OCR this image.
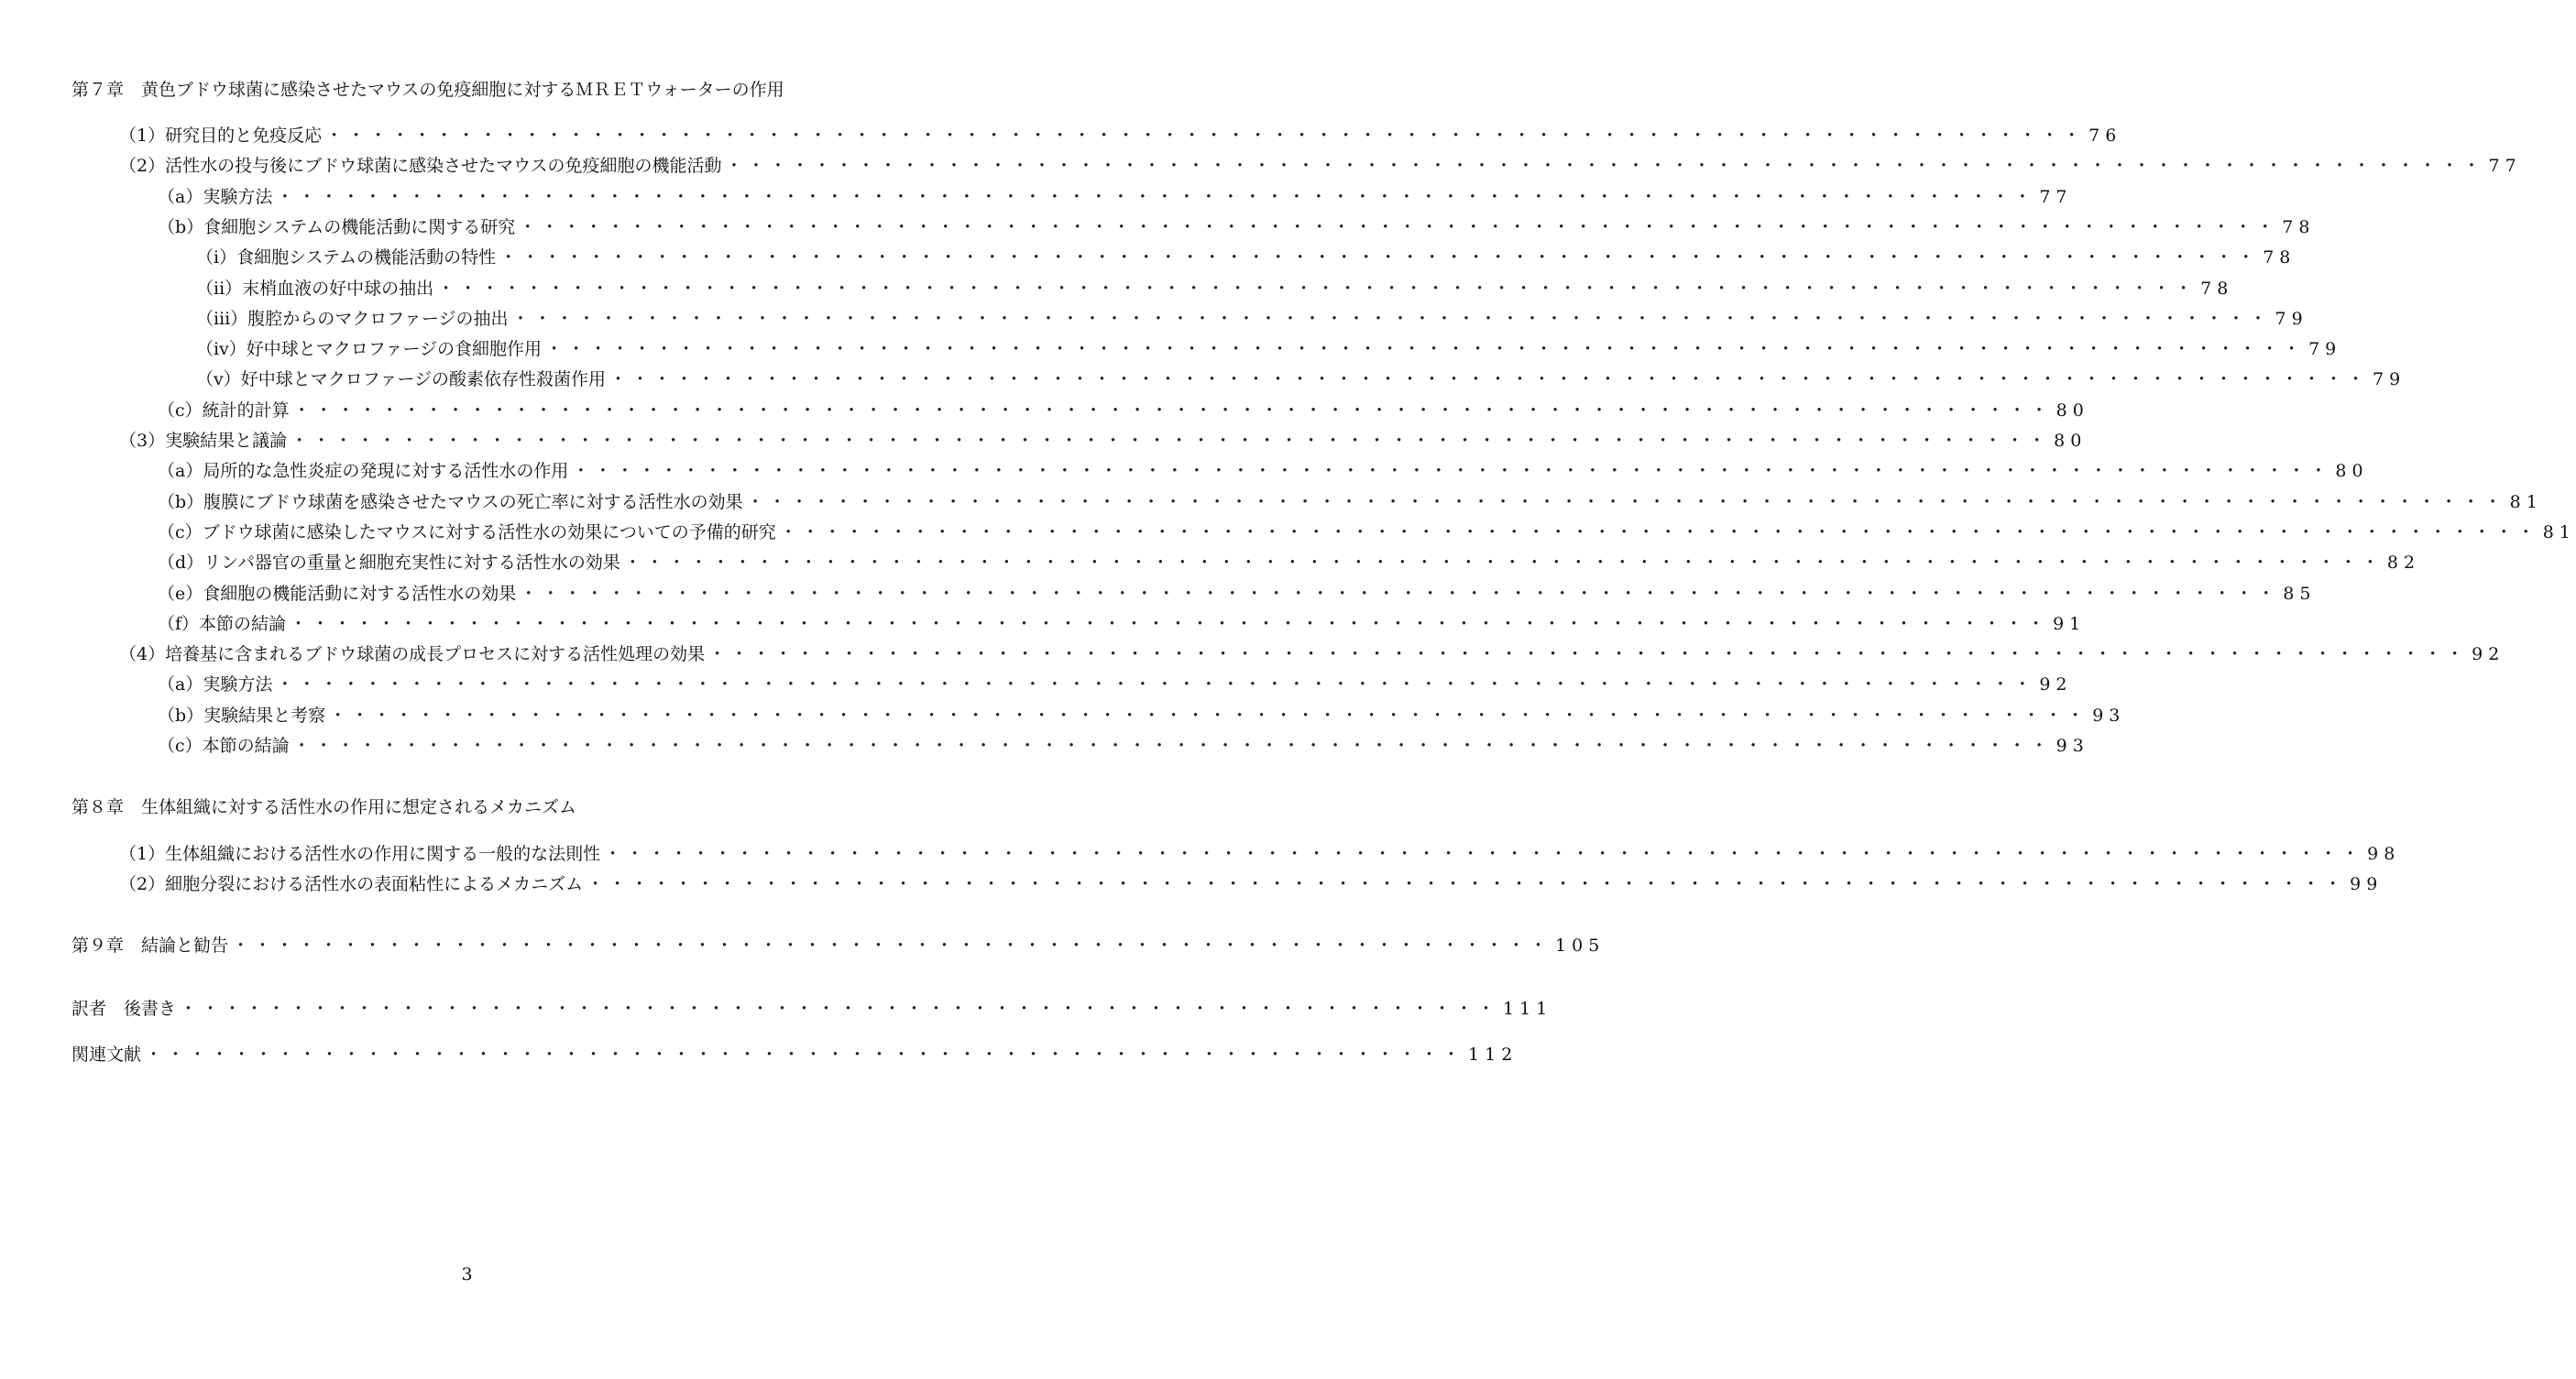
第７章　黄色ブドウ球菌に感染させたマウスの免疫細胞に対するＭＲＥＴウォーターの作用
（1）研究目的と免疫反応 ・・・・・・・・・・・・・・・・・・・・・・・・・・・・・・・・・・・・・・・・・・・・・・・・・・・・・・・・・・・・・・・・・・・・・・・・・・・・・・・・ 76
（2）活性水の投与後にブドウ球菌に感染させたマウスの免疫細胞の機能活動 ・・・・・・・・・・・・・・・・・・・・・・・・・・・・・・・・・・・・・・・・・・・・・・・・・・・・・・・・・・・・・・・・・・・・・・・・・・・・・・・・ 77
（a）実験方法 ・・・・・・・・・・・・・・・・・・・・・・・・・・・・・・・・・・・・・・・・・・・・・・・・・・・・・・・・・・・・・・・・・・・・・・・・・・・・・・・・ 77
（b）食細胞システムの機能活動に関する研究 ・・・・・・・・・・・・・・・・・・・・・・・・・・・・・・・・・・・・・・・・・・・・・・・・・・・・・・・・・・・・・・・・・・・・・・・・・・・・・・・・ 78
（ⅰ）食細胞システムの機能活動の特性 ・・・・・・・・・・・・・・・・・・・・・・・・・・・・・・・・・・・・・・・・・・・・・・・・・・・・・・・・・・・・・・・・・・・・・・・・・・・・・・・・ 78
（ⅱ）末梢血液の好中球の抽出 ・・・・・・・・・・・・・・・・・・・・・・・・・・・・・・・・・・・・・・・・・・・・・・・・・・・・・・・・・・・・・・・・・・・・・・・・・・・・・・・・ 78
（ⅲ）腹腔からのマクロファージの抽出 ・・・・・・・・・・・・・・・・・・・・・・・・・・・・・・・・・・・・・・・・・・・・・・・・・・・・・・・・・・・・・・・・・・・・・・・・・・・・・・・・ 79
（ⅳ）好中球とマクロファージの食細胞作用 ・・・・・・・・・・・・・・・・・・・・・・・・・・・・・・・・・・・・・・・・・・・・・・・・・・・・・・・・・・・・・・・・・・・・・・・・・・・・・・・・ 79
（ⅴ）好中球とマクロファージの酸素依存性殺菌作用 ・・・・・・・・・・・・・・・・・・・・・・・・・・・・・・・・・・・・・・・・・・・・・・・・・・・・・・・・・・・・・・・・・・・・・・・・・・・・・・・・ 79
（c）統計的計算 ・・・・・・・・・・・・・・・・・・・・・・・・・・・・・・・・・・・・・・・・・・・・・・・・・・・・・・・・・・・・・・・・・・・・・・・・・・・・・・・・ 80
（3）実験結果と議論 ・・・・・・・・・・・・・・・・・・・・・・・・・・・・・・・・・・・・・・・・・・・・・・・・・・・・・・・・・・・・・・・・・・・・・・・・・・・・・・・・ 80
（a）局所的な急性炎症の発現に対する活性水の作用 ・・・・・・・・・・・・・・・・・・・・・・・・・・・・・・・・・・・・・・・・・・・・・・・・・・・・・・・・・・・・・・・・・・・・・・・・・・・・・・・・ 80
（b）腹膜にブドウ球菌を感染させたマウスの死亡率に対する活性水の効果 ・・・・・・・・・・・・・・・・・・・・・・・・・・・・・・・・・・・・・・・・・・・・・・・・・・・・・・・・・・・・・・・・・・・・・・・・・・・・・・・・ 81
（c）ブドウ球菌に感染したマウスに対する活性水の効果についての予備的研究 ・・・・・・・・・・・・・・・・・・・・・・・・・・・・・・・・・・・・・・・・・・・・・・・・・・・・・・・・・・・・・・・・・・・・・・・・・・・・・・・・ 81
（d）リンパ器官の重量と細胞充実性に対する活性水の効果 ・・・・・・・・・・・・・・・・・・・・・・・・・・・・・・・・・・・・・・・・・・・・・・・・・・・・・・・・・・・・・・・・・・・・・・・・・・・・・・・・ 82
（e）食細胞の機能活動に対する活性水の効果 ・・・・・・・・・・・・・・・・・・・・・・・・・・・・・・・・・・・・・・・・・・・・・・・・・・・・・・・・・・・・・・・・・・・・・・・・・・・・・・・・ 85
（f）本節の結論 ・・・・・・・・・・・・・・・・・・・・・・・・・・・・・・・・・・・・・・・・・・・・・・・・・・・・・・・・・・・・・・・・・・・・・・・・・・・・・・・・ 91
（4）培養基に含まれるブドウ球菌の成長プロセスに対する活性処理の効果 ・・・・・・・・・・・・・・・・・・・・・・・・・・・・・・・・・・・・・・・・・・・・・・・・・・・・・・・・・・・・・・・・・・・・・・・・・・・・・・・・ 92
（a）実験方法 ・・・・・・・・・・・・・・・・・・・・・・・・・・・・・・・・・・・・・・・・・・・・・・・・・・・・・・・・・・・・・・・・・・・・・・・・・・・・・・・・ 92
（b）実験結果と考察 ・・・・・・・・・・・・・・・・・・・・・・・・・・・・・・・・・・・・・・・・・・・・・・・・・・・・・・・・・・・・・・・・・・・・・・・・・・・・・・・・ 93
（c）本節の結論 ・・・・・・・・・・・・・・・・・・・・・・・・・・・・・・・・・・・・・・・・・・・・・・・・・・・・・・・・・・・・・・・・・・・・・・・・・・・・・・・・ 93
第８章　生体組織に対する活性水の作用に想定されるメカニズム
（1）生体組織における活性水の作用に関する一般的な法則性 ・・・・・・・・・・・・・・・・・・・・・・・・・・・・・・・・・・・・・・・・・・・・・・・・・・・・・・・・・・・・・・・・・・・・・・・・・・・・・・・・ 98
（2）細胞分裂における活性水の表面粘性によるメカニズム ・・・・・・・・・・・・・・・・・・・・・・・・・・・・・・・・・・・・・・・・・・・・・・・・・・・・・・・・・・・・・・・・・・・・・・・・・・・・・・・・ 99
第９章　結論と勧告 ・・・・・・・・・・・・・・・・・・・・・・・・・・・・・・・・・・・・・・・・・・・・・・・・・・・・・・・・・・・・ 105
訳者　後書き ・・・・・・・・・・・・・・・・・・・・・・・・・・・・・・・・・・・・・・・・・・・・・・・・・・・・・・・・・・・・ 111
関連文献 ・・・・・・・・・・・・・・・・・・・・・・・・・・・・・・・・・・・・・・・・・・・・・・・・・・・・・・・・・・・・ 112
3
